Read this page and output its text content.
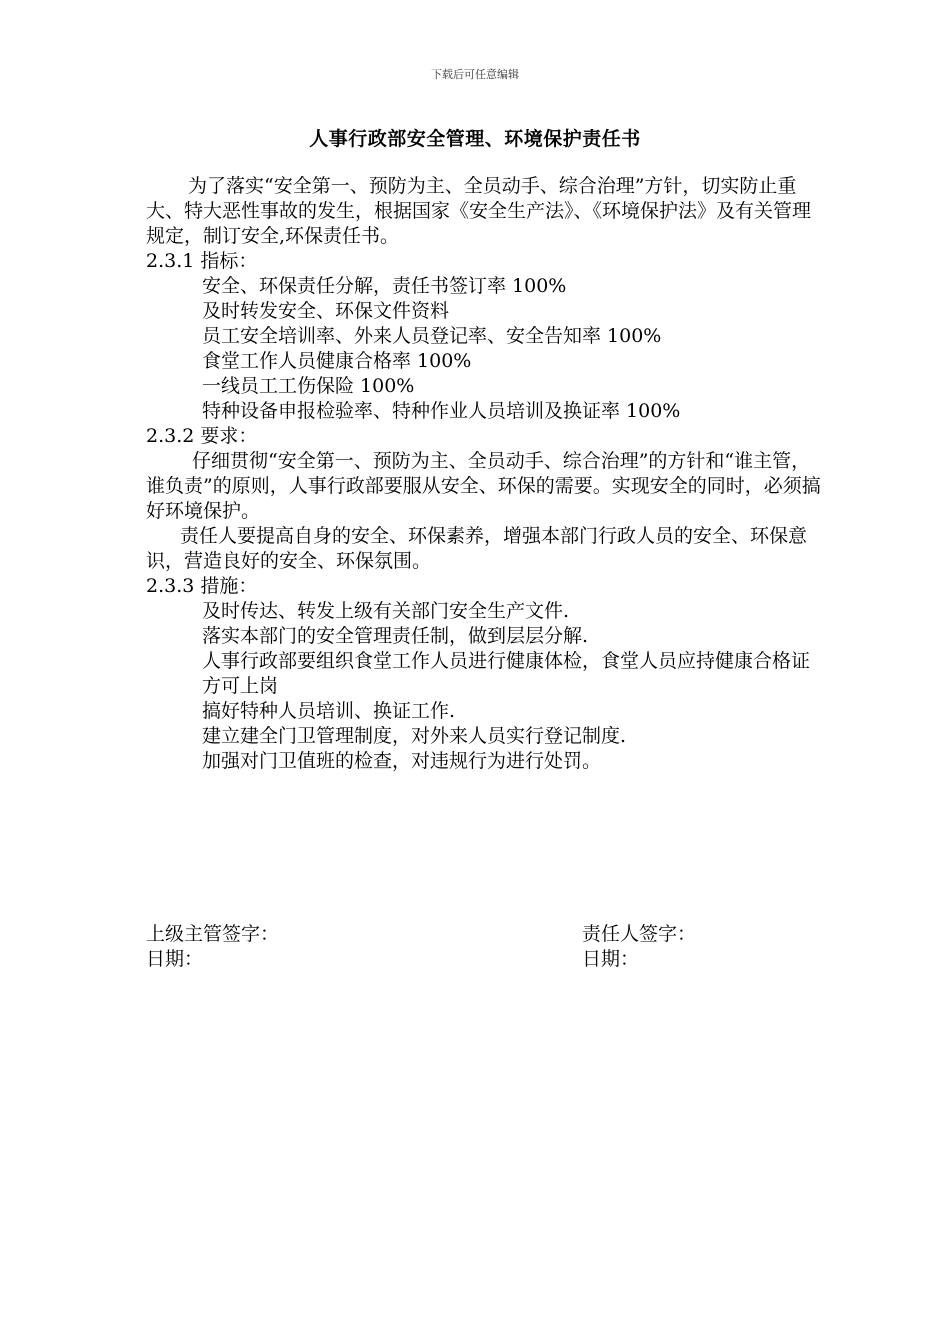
下载后可任意编辑
人事行政部安全管理、环境保护责任书

为了落实“安全第一、预防为主、全员动手、综合治理”方针，切实防止重大、特大恶性事故的发生，根据国家《安全生产法》、《环境保护法》及有关管理规定，制订安全,环保责任书。

2.3.1 指标：

安全、环保责任分解，责任书签订率 100%

及时转发安全、环保文件资料

员工安全培训率、外来人员登记率、安全告知率 100%

食堂工作人员健康合格率 100%

一线员工工伤保险 100%

特种设备申报检验率、特种作业人员培训及换证率 100%

2.3.2 要求：

仔细贯彻“安全第一、预防为主、全员动手、综合治理”的方针和“谁主管，谁负责”的原则，人事行政部要服从安全、环保的需要。实现安全的同时，必须搞好环境保护。

责任人要提高自身的安全、环保素养，增强本部门行政人员的安全、环保意识，营造良好的安全、环保氛围。

2.3.3 措施：

及时传达、转发上级有关部门安全生产文件.

落实本部门的安全管理责任制，做到层层分解.

人事行政部要组织食堂工作人员进行健康体检，食堂人员应持健康合格证方可上岗

搞好特种人员培训、换证工作.

建立建全门卫管理制度，对外来人员实行登记制度.

加强对门卫值班的检查，对违规行为进行处罚。

上级主管签字：
日期：
责任人签字：
日期：
